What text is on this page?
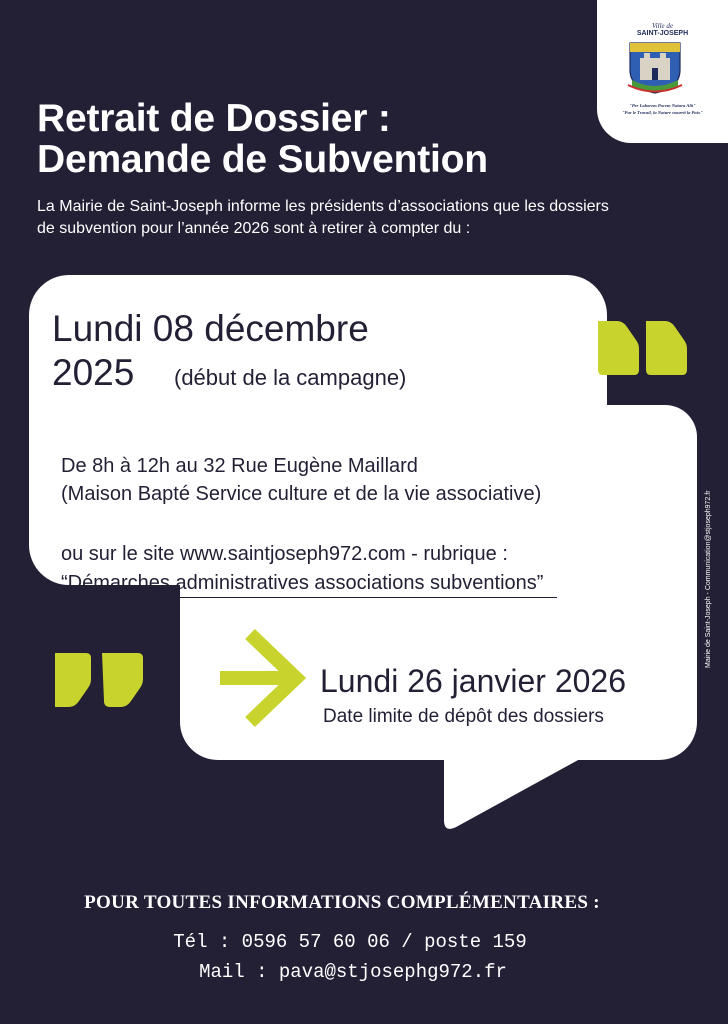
Ville de
SAINT-JOSEPH
"Per Laborem Pacem Natura Alit"
"Par le Travail, la Nature nourrit la Paix"
Retrait de Dossier :
Demande de Subvention
La Mairie de Saint-Joseph informe les présidents d’associations que les dossiers
de subvention pour l’année 2026 sont à retirer à compter du :
Lundi 08 décembre
2025 (début de la campagne)
De 8h à 12h au 32 Rue Eugène Maillard
(Maison Bapté Service culture et de la vie associative)
ou sur le site www.saintjoseph972.com - rubrique :
“Démarches administratives associations subventions”
Lundi 26 janvier 2026
Date limite de dépôt des dossiers
Mairie de Saint-Joseph - Communication@stjoseph972.fr
POUR TOUTES INFORMATIONS COMPLÉMENTAIRES :
Tél : 0596 57 60 06 / poste 159
Mail : pava@stjosephg972.fr
